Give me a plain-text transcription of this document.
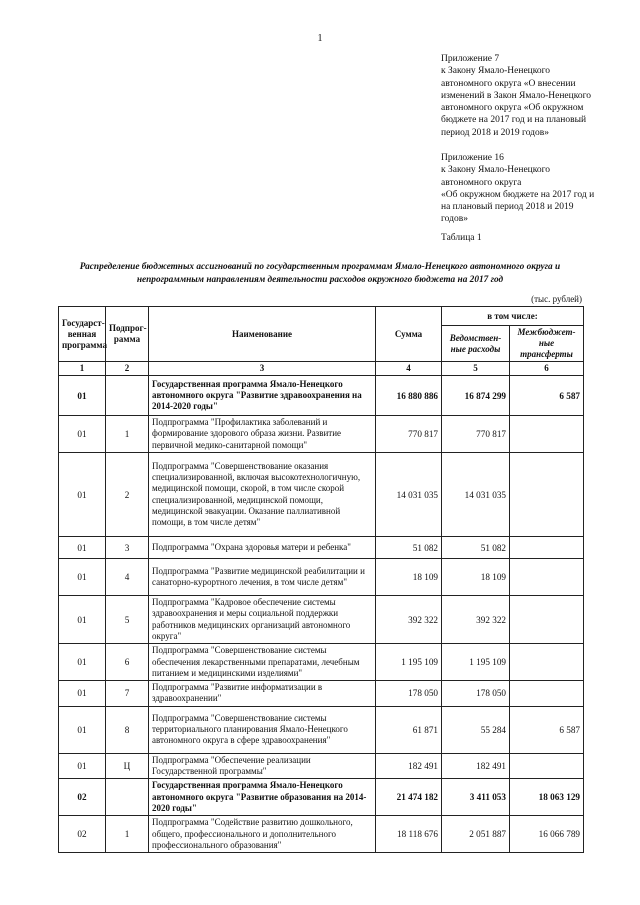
1
Приложение 7
к Закону Ямало-Ненецкого автономного округа «О внесении изменений в Закон Ямало-Ненецкого автономного округа «Об окружном бюджете на 2017 год и на плановый период 2018 и 2019 годов»
Приложение 16
к Закону Ямало-Ненецкого автономного округа
«Об окружном бюджете на 2017 год и на плановый период 2018 и 2019 годов»
Таблица 1
Распределение бюджетных ассигнований по государственным программам Ямало-Ненецкого автономного округа и
непрограммным направлениям деятельности расходов окружного бюджета на 2017 год
(тыс. рублей)
Государст-венная программа	Подпрог-рамма	Наименование	Сумма	в том числе:	
				Ведомствен-ные расходы	Межбюджет-ные трансферты
1	2	3	4	5	6
01		Государственная программа Ямало-Ненецкого автономного округа "Развитие здравоохранения на 2014-2020 годы"	16 880 886	16 874 299	6 587
01	1	Подпрограмма "Профилактика заболеваний и формирование здорового образа жизни. Развитие первичной медико-санитарной помощи"	770 817	770 817	
01	2	Подпрограмма "Совершенствование оказания специализированной, включая высокотехнологичную, медицинской помощи, скорой, в том числе скорой специализированной, медицинской помощи, медицинской эвакуации. Оказание паллиативной помощи, в том числе детям"	14 031 035	14 031 035	
01	3	Подпрограмма "Охрана здоровья матери и ребенка"	51 082	51 082	
01	4	Подпрограмма "Развитие медицинской реабилитации и санаторно-курортного лечения, в том числе детям"	18 109	18 109	
01	5	Подпрограмма "Кадровое обеспечение системы здравоохранения и меры социальной поддержки работников медицинских организаций автономного округа"	392 322	392 322	
01	6	Подпрограмма "Совершенствование системы обеспечения лекарственными препаратами, лечебным питанием и медицинскими изделиями"	1 195 109	1 195 109	
01	7	Подпрограмма "Развитие информатизации в здравоохранении"	178 050	178 050	
01	8	Подпрограмма "Совершенствование системы территориального планирования Ямало-Ненецкого автономного округа в сфере здравоохранения"	61 871	55 284	6 587
01	Ц	Подпрограмма "Обеспечение реализации Государственной программы"	182 491	182 491	
02		Государственная программа Ямало-Ненецкого автономного округа "Развитие образования на 2014-2020 годы"	21 474 182	3 411 053	18 063 129
02	1	Подпрограмма "Содействие развитию дошкольного, общего, профессионального и дополнительного профессионального образования"	18 118 676	2 051 887	16 066 789
